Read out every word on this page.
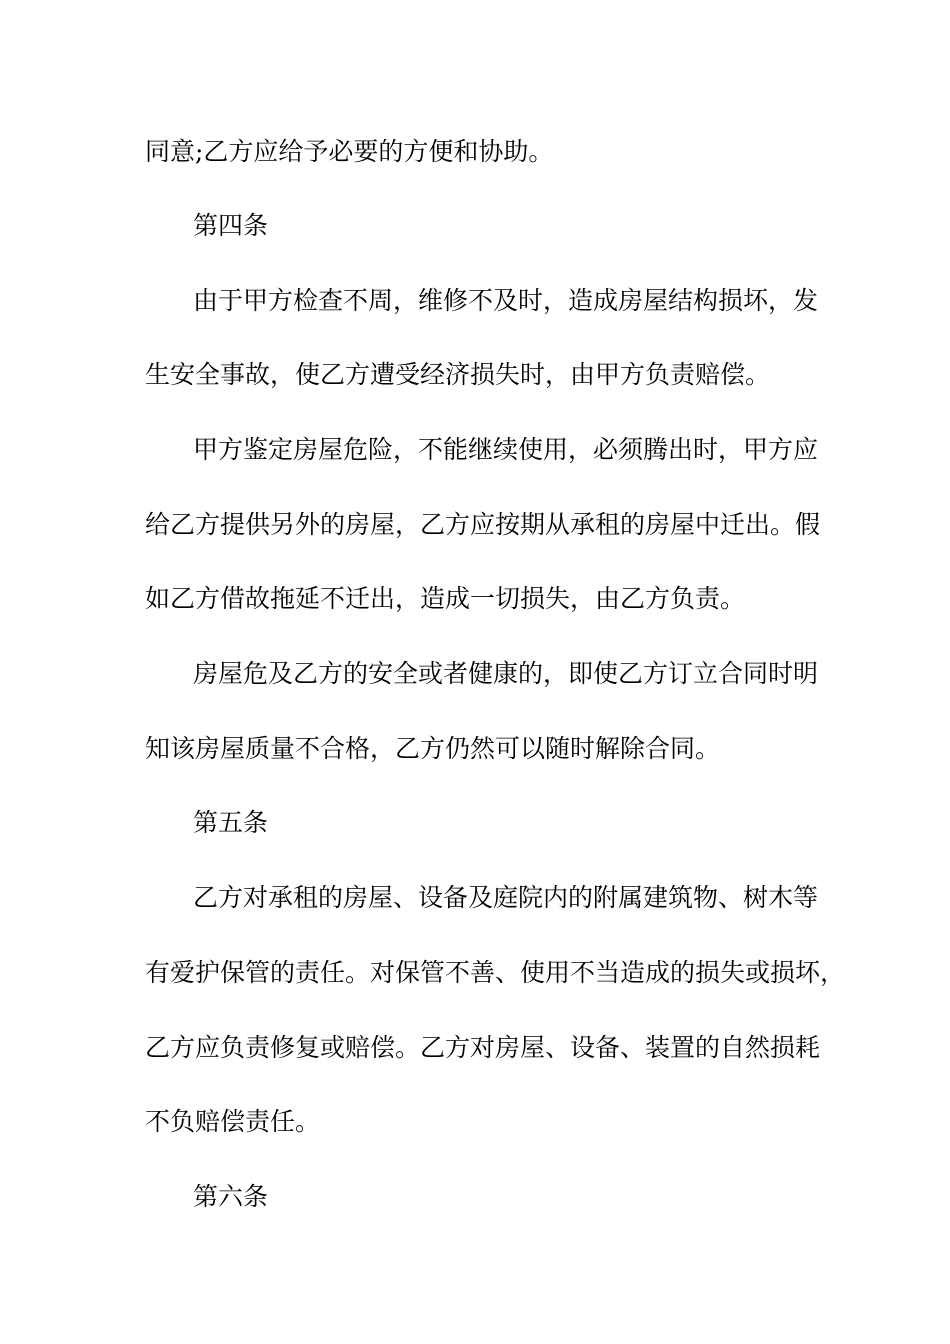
同意;乙方应给予必要的方便和协助。
第四条
由于甲方检查不周，维修不及时，造成房屋结构损坏，发
生安全事故，使乙方遭受经济损失时，由甲方负责赔偿。
甲方鉴定房屋危险，不能继续使用，必须腾出时，甲方应
给乙方提供另外的房屋，乙方应按期从承租的房屋中迁出。假
如乙方借故拖延不迁出，造成一切损失，由乙方负责。
房屋危及乙方的安全或者健康的，即使乙方订立合同时明
知该房屋质量不合格，乙方仍然可以随时解除合同。
第五条
乙方对承租的房屋、设备及庭院内的附属建筑物、树木等
有爱护保管的责任。对保管不善、使用不当造成的损失或损坏，
乙方应负责修复或赔偿。乙方对房屋、设备、装置的自然损耗
不负赔偿责任。
第六条
